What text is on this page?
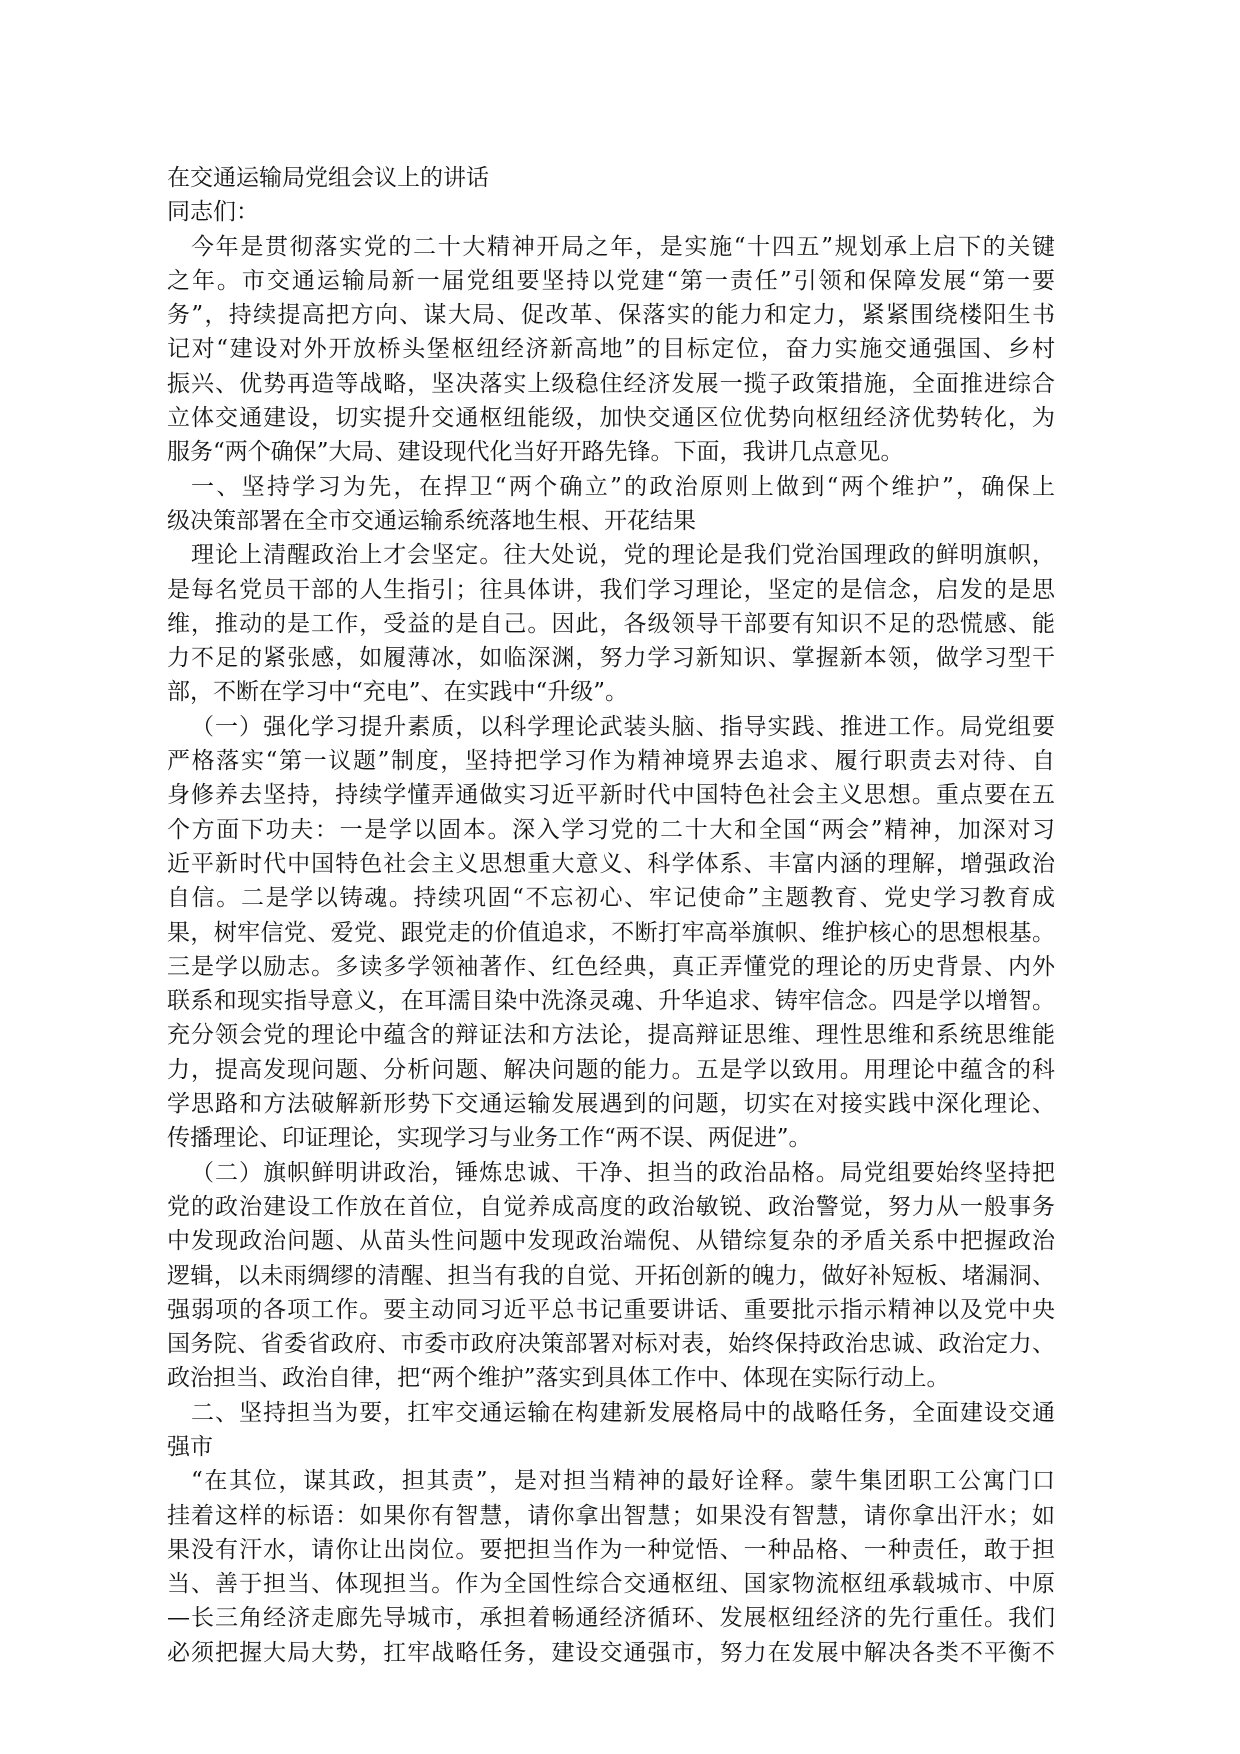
在交通运输局党组会议上的讲话
同志们：
今年是贯彻落实党的二十大精神开局之年，是实施“十四五”规划承上启下的关键
之年。市交通运输局新一届党组要坚持以党建“第一责任”引领和保障发展“第一要
务”，持续提高把方向、谋大局、促改革、保落实的能力和定力，紧紧围绕楼阳生书
记对“建设对外开放桥头堡枢纽经济新高地”的目标定位，奋力实施交通强国、乡村
振兴、优势再造等战略，坚决落实上级稳住经济发展一揽子政策措施，全面推进综合
立体交通建设，切实提升交通枢纽能级，加快交通区位优势向枢纽经济优势转化，为
服务“两个确保”大局、建设现代化当好开路先锋。下面，我讲几点意见。
一、坚持学习为先，在捍卫“两个确立”的政治原则上做到“两个维护”，确保上
级决策部署在全市交通运输系统落地生根、开花结果
理论上清醒政治上才会坚定。往大处说，党的理论是我们党治国理政的鲜明旗帜，
是每名党员干部的人生指引；往具体讲，我们学习理论，坚定的是信念，启发的是思
维，推动的是工作，受益的是自己。因此，各级领导干部要有知识不足的恐慌感、能
力不足的紧张感，如履薄冰，如临深渊，努力学习新知识、掌握新本领，做学习型干
部，不断在学习中“充电”、在实践中“升级”。
（一）强化学习提升素质，以科学理论武装头脑、指导实践、推进工作。局党组要
严格落实“第一议题”制度，坚持把学习作为精神境界去追求、履行职责去对待、自
身修养去坚持，持续学懂弄通做实习近平新时代中国特色社会主义思想。重点要在五
个方面下功夫：一是学以固本。深入学习党的二十大和全国“两会”精神，加深对习
近平新时代中国特色社会主义思想重大意义、科学体系、丰富内涵的理解，增强政治
自信。二是学以铸魂。持续巩固“不忘初心、牢记使命”主题教育、党史学习教育成
果，树牢信党、爱党、跟党走的价值追求，不断打牢高举旗帜、维护核心的思想根基。
三是学以励志。多读多学领袖著作、红色经典，真正弄懂党的理论的历史背景、内外
联系和现实指导意义，在耳濡目染中洗涤灵魂、升华追求、铸牢信念。四是学以增智。
充分领会党的理论中蕴含的辩证法和方法论，提高辩证思维、理性思维和系统思维能
力，提高发现问题、分析问题、解决问题的能力。五是学以致用。用理论中蕴含的科
学思路和方法破解新形势下交通运输发展遇到的问题，切实在对接实践中深化理论、
传播理论、印证理论，实现学习与业务工作“两不误、两促进”。
（二）旗帜鲜明讲政治，锤炼忠诚、干净、担当的政治品格。局党组要始终坚持把
党的政治建设工作放在首位，自觉养成高度的政治敏锐、政治警觉，努力从一般事务
中发现政治问题、从苗头性问题中发现政治端倪、从错综复杂的矛盾关系中把握政治
逻辑，以未雨绸缪的清醒、担当有我的自觉、开拓创新的魄力，做好补短板、堵漏洞、
强弱项的各项工作。要主动同习近平总书记重要讲话、重要批示指示精神以及党中央
国务院、省委省政府、市委市政府决策部署对标对表，始终保持政治忠诚、政治定力、
政治担当、政治自律，把“两个维护”落实到具体工作中、体现在实际行动上。
二、坚持担当为要，扛牢交通运输在构建新发展格局中的战略任务，全面建设交通
强市
“在其位，谋其政，担其责”，是对担当精神的最好诠释。蒙牛集团职工公寓门口
挂着这样的标语：如果你有智慧，请你拿出智慧；如果没有智慧，请你拿出汗水；如
果没有汗水，请你让出岗位。要把担当作为一种觉悟、一种品格、一种责任，敢于担
当、善于担当、体现担当。作为全国性综合交通枢纽、国家物流枢纽承载城市、中原
—长三角经济走廊先导城市，承担着畅通经济循环、发展枢纽经济的先行重任。我们
必须把握大局大势，扛牢战略任务，建设交通强市，努力在发展中解决各类不平衡不
